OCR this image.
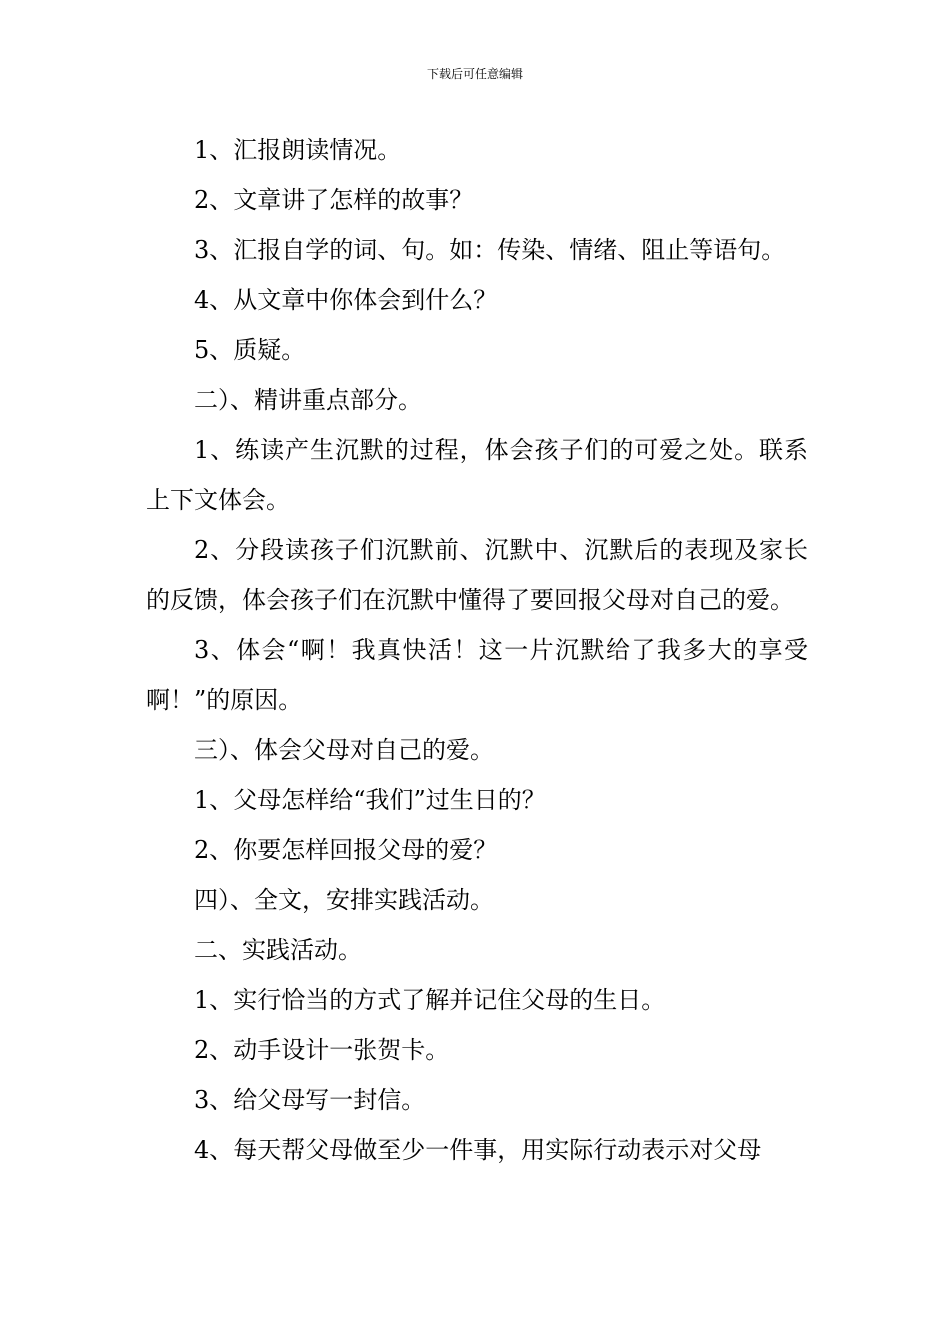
下载后可任意编辑

1、汇报朗读情况。

2、文章讲了怎样的故事？

3、汇报自学的词、句。如：传染、情绪、阻止等语句。

4、从文章中你体会到什么？

5、质疑。

二）、精讲重点部分。

1、练读产生沉默的过程，体会孩子们的可爱之处。联系上下文体会。

2、分段读孩子们沉默前、沉默中、沉默后的表现及家长的反馈，体会孩子们在沉默中懂得了要回报父母对自己的爱。

3、体会“啊！我真快活！这一片沉默给了我多大的享受啊！”的原因。

三）、体会父母对自己的爱。

1、父母怎样给“我们”过生日的？

2、你要怎样回报父母的爱？

四）、全文，安排实践活动。

二、实践活动。

1、实行恰当的方式了解并记住父母的生日。

2、动手设计一张贺卡。

3、给父母写一封信。

4、每天帮父母做至少一件事，用实际行动表示对父母
